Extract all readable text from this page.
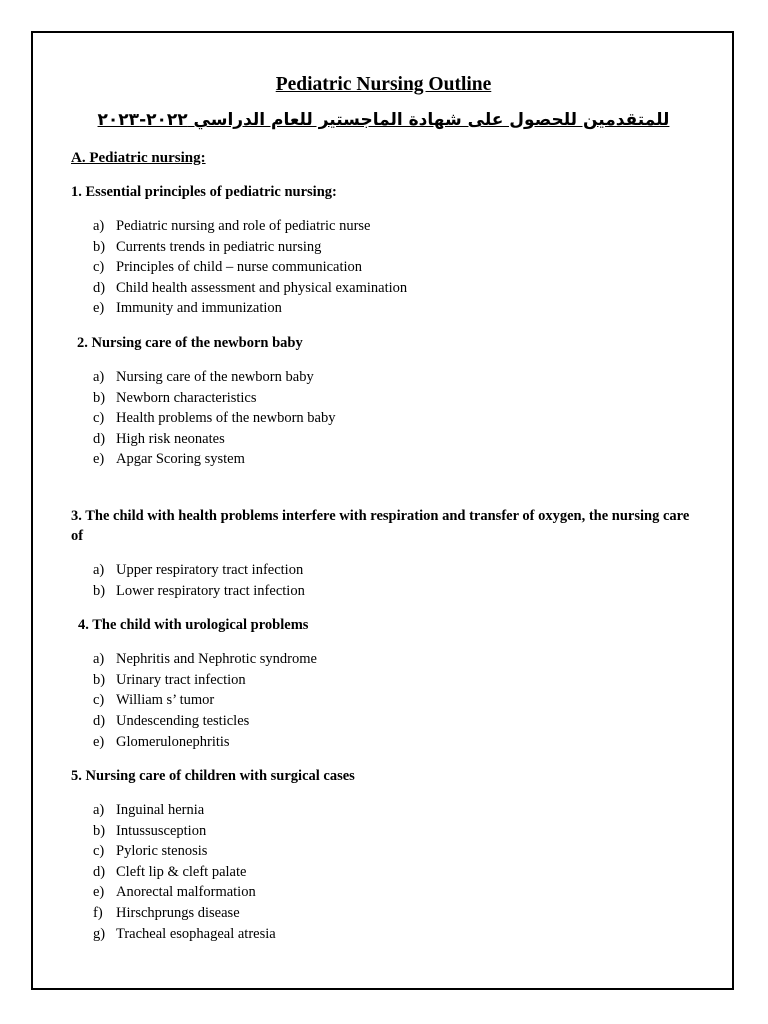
Pediatric Nursing Outline

للمتقدمين للحصول على شهادة الماجستير للعام الدراسي ٢٠٢٢-٢٠٢٣

A. Pediatric nursing:

1. Essential principles of pediatric nursing:

a) Pediatric nursing and role of pediatric nurse
b) Currents trends in pediatric nursing
c) Principles of child – nurse communication
d) Child health assessment and physical examination
e) Immunity and immunization

2. Nursing care of the newborn baby

a) Nursing care of the newborn baby
b) Newborn characteristics
c) Health problems of the newborn baby
d) High risk neonates
e) Apgar Scoring system

3. The child with health problems interfere with respiration and transfer of oxygen, the nursing care of

a) Upper respiratory tract infection
b) Lower respiratory tract infection

4. The child with urological problems

a) Nephritis and Nephrotic syndrome
b) Urinary tract infection
c) William s’ tumor
d) Undescending testicles
e) Glomerulonephritis

5. Nursing care of children with surgical cases

a) Inguinal hernia
b) Intussusception
c) Pyloric stenosis
d) Cleft lip & cleft palate
e) Anorectal malformation
f) Hirschprungs disease
g) Tracheal esophageal atresia
